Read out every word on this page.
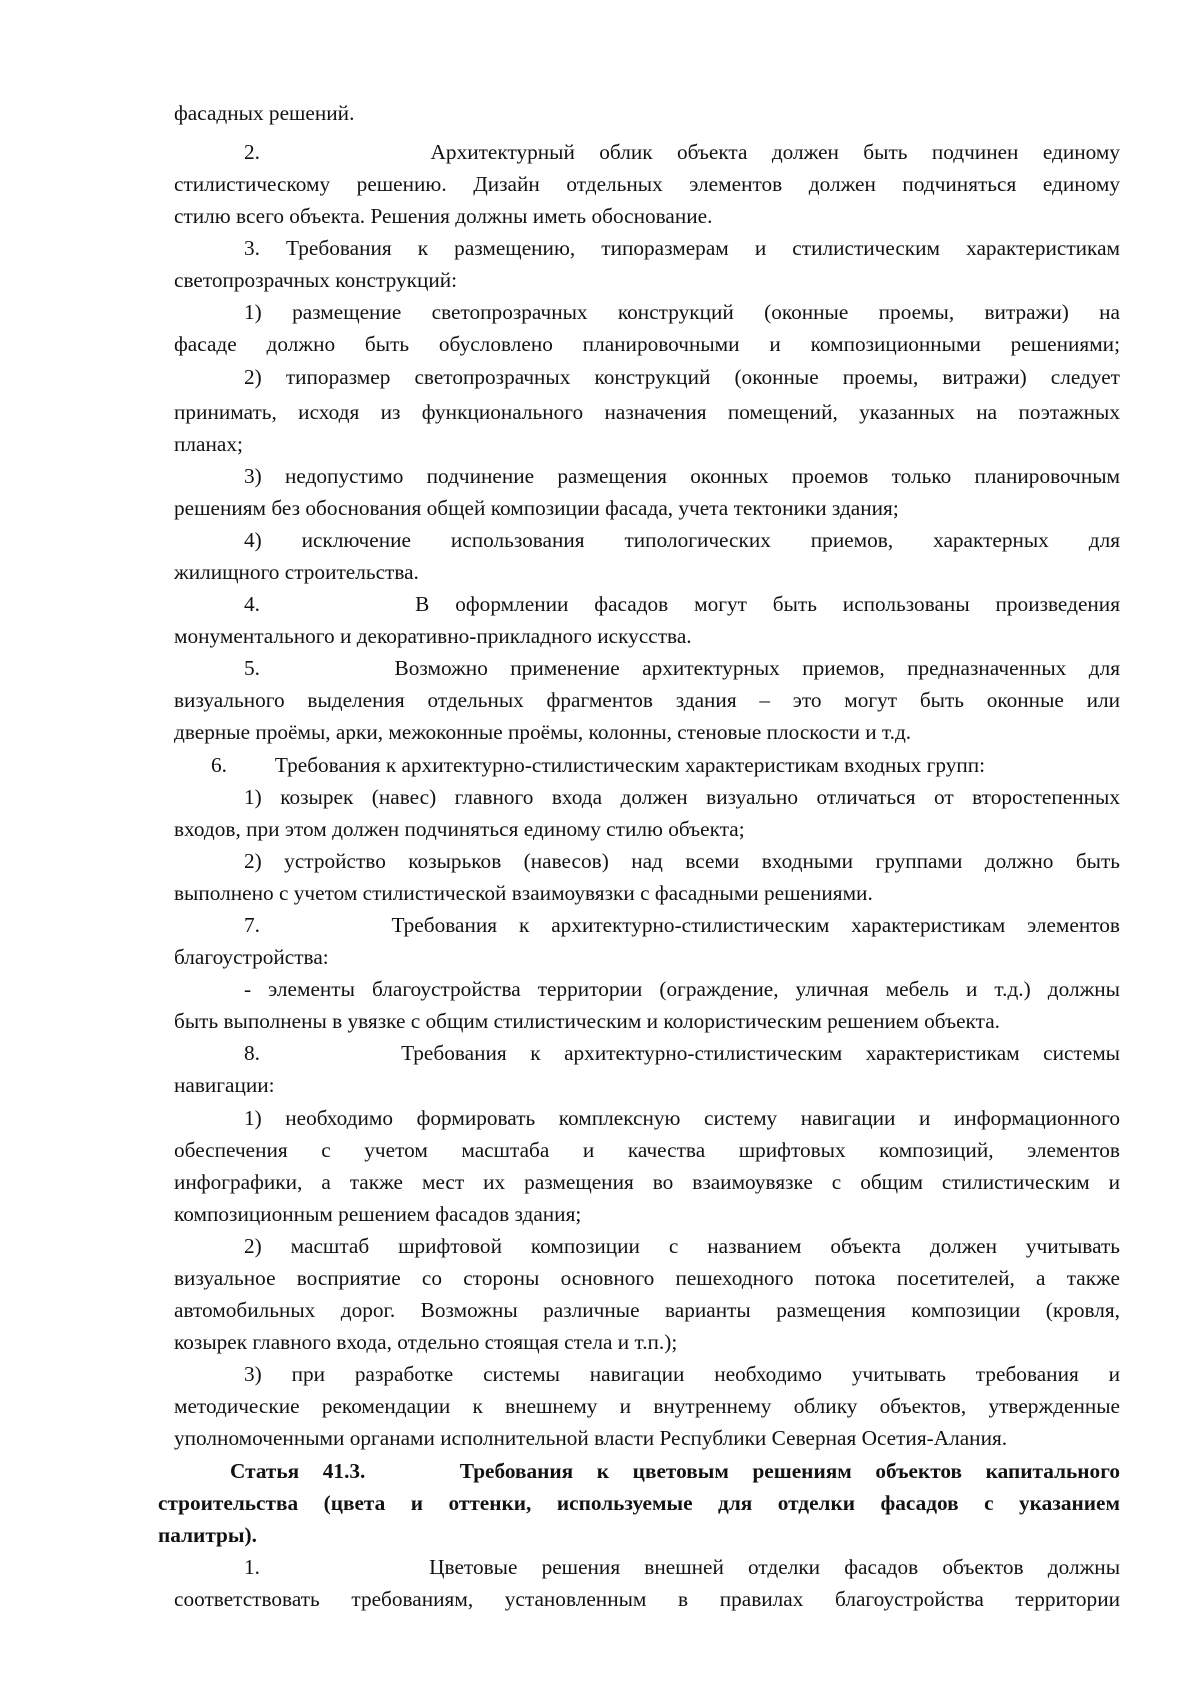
фасадных решений.
2.       Архитектурный облик объекта должен быть подчинен единому
стилистическому решению. Дизайн отдельных элементов должен подчиняться единому
стилю всего объекта. Решения должны иметь обоснование.
3. Требования к размещению, типоразмерам и стилистическим характеристикам
светопрозрачных конструкций:
1) размещение светопрозрачных конструкций (оконные проемы, витражи) на
фасаде должно быть обусловлено планировочными и композиционными решениями;
2) типоразмер светопрозрачных конструкций (оконные проемы, витражи) следует
принимать, исходя из функционального назначения помещений, указанных на поэтажных
планах;
3) недопустимо подчинение размещения оконных проемов только планировочным
решениям без обоснования общей композиции фасада, учета тектоники здания;
4) исключение использования типологических приемов, характерных для
жилищного строительства.
4.      В оформлении фасадов могут быть использованы произведения
монументального и декоративно-прикладного искусства.
5.      Возможно применение архитектурных приемов, предназначенных для
визуального выделения отдельных фрагментов здания – это могут быть оконные или
дверные проёмы, арки, межоконные проёмы, колонны, стеновые плоскости и т.д.
6.         Требования к архитектурно-стилистическим характеристикам входных групп:
1) козырек (навес) главного входа должен визуально отличаться от второстепенных
входов, при этом должен подчиняться единому стилю объекта;
2) устройство козырьков (навесов) над всеми входными группами должно быть
выполнено с учетом стилистической взаимоувязки с фасадными решениями.
7.      Требования к архитектурно-стилистическим характеристикам элементов
благоустройства:
- элементы благоустройства территории (ограждение, уличная мебель и т.д.) должны
быть выполнены в увязке с общим стилистическим и колористическим решением объекта.
8.      Требования к архитектурно-стилистическим характеристикам системы
навигации:
1) необходимо формировать комплексную систему навигации и информационного
обеспечения с учетом масштаба и качества шрифтовых композиций, элементов
инфографики, а также мест их размещения во взаимоувязке с общим стилистическим и
композиционным решением фасадов здания;
2) масштаб шрифтовой композиции с названием объекта должен учитывать
визуальное восприятие со стороны основного пешеходного потока посетителей, а также
автомобильных дорог. Возможны различные варианты размещения композиции (кровля,
козырек главного входа, отдельно стоящая стела и т.п.);
3) при разработке системы навигации необходимо учитывать требования и
методические рекомендации к внешнему и внутреннему облику объектов, утвержденные
уполномоченными органами исполнительной власти Республики Северная Осетия-Алания.
Статья 41.3.    Требования к цветовым решениям объектов капитального
строительства (цвета и оттенки, используемые для отделки фасадов с указанием
палитры).
1.       Цветовые решения внешней отделки фасадов объектов должны
соответствовать требованиям, установленным в правилах благоустройства территории
